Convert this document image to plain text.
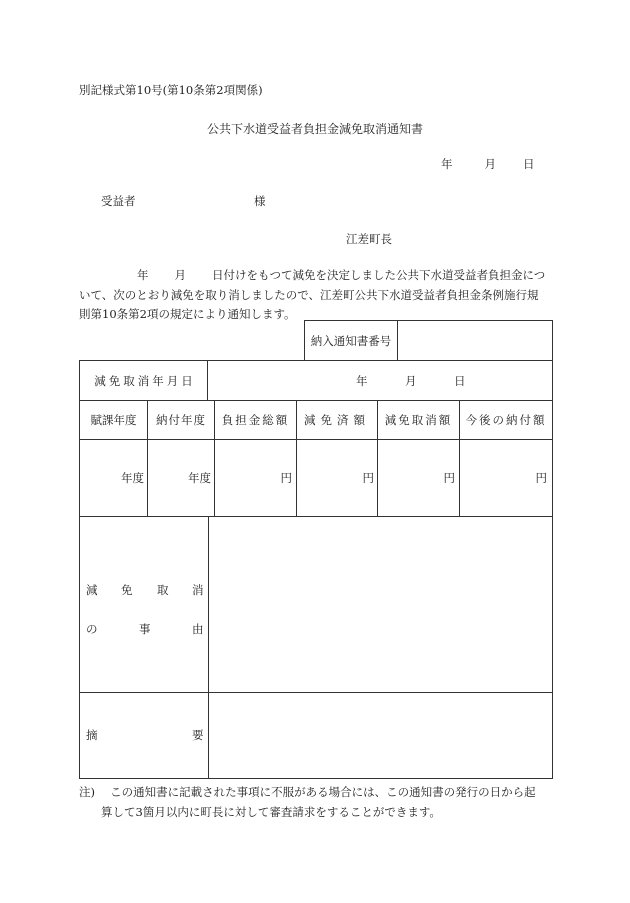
別記様式第10号(第10条第2項関係)
公共下水道受益者負担金減免取消通知書
年	月 日
受益者	様
江差町長
年 月 日付けをもつて減免を決定しました公共下水道受益者負担金につ
いて、次のとおり減免を取り消しましたので、江差町公共下水道受益者負担金条例施行規
則第10条第2項の規定により通知します。
納入通知書番号
減免取消年月日	年	月	日
賦課年度	納付年度	負担金総額	減免済額	減免取消額	今後の納付額
年度	年度	円	円	円	円
減 免 取 消
の	事	由
摘	要
注)　 この通知書に記載された事項に不服がある場合には、この通知書の発行の日から起
算して3箇月以内に町長に対して審査請求をすることができます。
